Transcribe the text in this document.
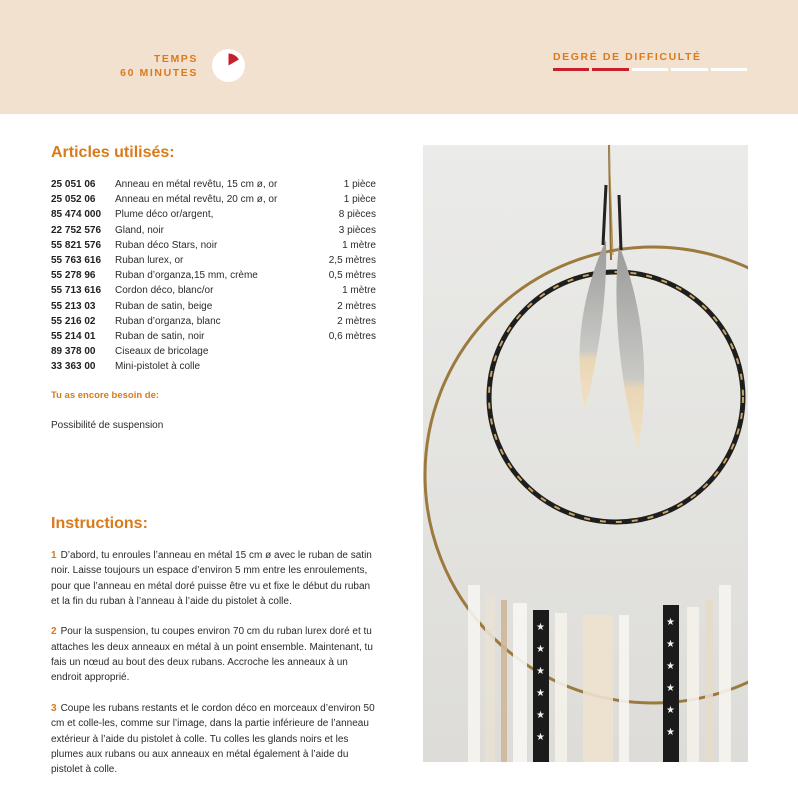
TEMPS
60 MINUTES
DEGRÉ DE DIFFICULTÉ
Articles utilisés:
25 051 06	Anneau en métal revêtu, 15 cm ø, or	1 pièce
25 052 06	Anneau en métal revêtu, 20 cm ø, or	1 pièce
85 474 000	Plume déco or/argent,	8 pièces
22 752 576	Gland, noir	3 pièces
55 821 576	Ruban déco Stars, noir	1 mètre
55 763 616	Ruban lurex, or	2,5 mètres
55 278 96	Ruban d’organza,15 mm, crème	0,5 mètres
55 713 616	Cordon déco, blanc/or	1 mètre
55 213 03	Ruban de satin, beige	2 mètres
55 216 02	Ruban d’organza, blanc	2 mètres
55 214 01	Ruban de satin, noir	0,6 mètres
89 378 00	Ciseaux de bricolage
33 363 00	Mini-pistolet à colle
Tu as encore besoin de:
Possibilité de suspension
Instructions:

1 D’abord, tu enroules l’anneau en métal 15 cm ø avec le ruban de satin noir. Laisse toujours un espace d’environ 5 mm entre les enroulements, pour que l’anneau en métal doré puisse être vu et fixe le début du ruban et la fin du ruban à l’anneau à l’aide du pistolet à colle.

2 Pour la suspension, tu coupes environ 70 cm du ruban lurex doré et tu attaches les deux anneaux en métal à un point ensemble. Maintenant, tu fais un nœud au bout des deux rubans. Accroche les anneaux à un endroit approprié.

3 Coupe les rubans restants et le cordon déco en morceaux d’environ 50 cm et colle-les, comme sur l’image, dans la partie inférieure de l’anneau extérieur à l’aide du pistolet à colle. Tu colles les glands noirs et les plumes aux rubans ou aux anneaux en métal également à l’aide du pistolet à colle.

★
★
★
★
★
★
★
★
★
★
★
★
